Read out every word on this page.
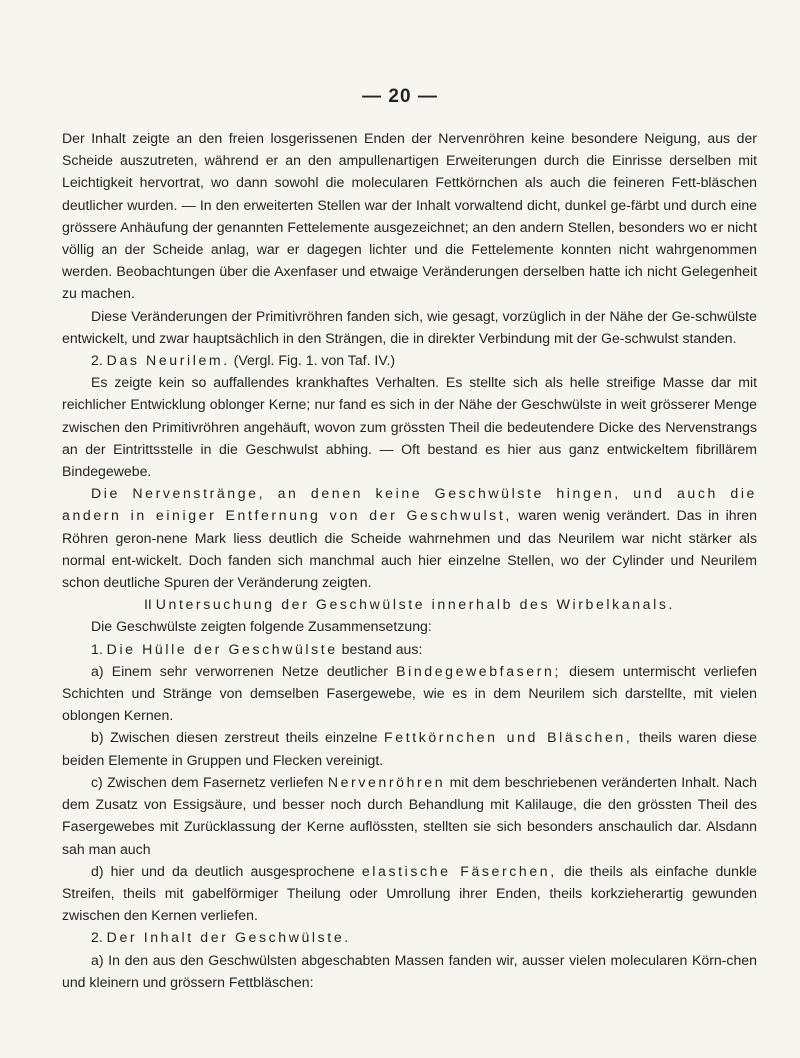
— 20 —

Der Inhalt zeigte an den freien losgerissenen Enden der Nervenröhren keine besondere Neigung, aus der Scheide auszutreten, während er an den ampullenartigen Erweiterungen durch die Einrisse derselben mit Leichtigkeit hervortrat, wo dann sowohl die molecularen Fettkörnchen als auch die feineren Fett-bläschen deutlicher wurden. — In den erweiterten Stellen war der Inhalt vorwaltend dicht, dunkel ge-färbt und durch eine grössere Anhäufung der genannten Fettelemente ausgezeichnet; an den andern Stellen, besonders wo er nicht völlig an der Scheide anlag, war er dagegen lichter und die Fettelemente konnten nicht wahrgenommen werden. Beobachtungen über die Axenfaser und etwaige Veränderungen derselben hatte ich nicht Gelegenheit zu machen.

Diese Veränderungen der Primitivröhren fanden sich, wie gesagt, vorzüglich in der Nähe der Ge-schwülste entwickelt, und zwar hauptsächlich in den Strängen, die in direkter Verbindung mit der Ge-schwulst standen.

2. Das Neurilem. (Vergl. Fig. 1. von Taf. IV.)

Es zeigte kein so auffallendes krankhaftes Verhalten. Es stellte sich als helle streifige Masse dar mit reichlicher Entwicklung oblonger Kerne; nur fand es sich in der Nähe der Geschwülste in weit grösserer Menge zwischen den Primitivröhren angehäuft, wovon zum grössten Theil die bedeutendere Dicke des Nervenstrangs an der Eintrittsstelle in die Geschwulst abhing. — Oft bestand es hier aus ganz entwickeltem fibrillärem Bindegewebe.

Die Nervenstränge, an denen keine Geschwülste hingen, und auch die andern in einiger Entfernung von der Geschwulst, waren wenig verändert. Das in ihren Röhren geron-nene Mark liess deutlich die Scheide wahrnehmen und das Neurilem war nicht stärker als normal ent-wickelt. Doch fanden sich manchmal auch hier einzelne Stellen, wo der Cylinder und Neurilem schon deutliche Spuren der Veränderung zeigten.

II Untersuchung der Geschwülste innerhalb des Wirbelkanals.

Die Geschwülste zeigten folgende Zusammensetzung:

1. Die Hülle der Geschwülste bestand aus:

a) Einem sehr verworrenen Netze deutlicher Bindegewebfasern; diesem untermischt verliefen Schichten und Stränge von demselben Fasergewebe, wie es in dem Neurilem sich darstellte, mit vielen oblongen Kernen.

b) Zwischen diesen zerstreut theils einzelne Fettkörnchen und Bläschen, theils waren diese beiden Elemente in Gruppen und Flecken vereinigt.

c) Zwischen dem Fasernetz verliefen Nervenröhren mit dem beschriebenen veränderten Inhalt. Nach dem Zusatz von Essigsäure, und besser noch durch Behandlung mit Kalilauge, die den grössten Theil des Fasergewebes mit Zurücklassung der Kerne auflössten, stellten sie sich besonders anschaulich dar. Alsdann sah man auch

d) hier und da deutlich ausgesprochene elastische Fäserchen, die theils als einfache dunkle Streifen, theils mit gabelförmiger Theilung oder Umrollung ihrer Enden, theils korkzieherartig gewunden zwischen den Kernen verliefen.

2. Der Inhalt der Geschwülste.

a) In den aus den Geschwülsten abgeschabten Massen fanden wir, ausser vielen molecularen Körn-chen und kleinern und grössern Fettbläschen:
